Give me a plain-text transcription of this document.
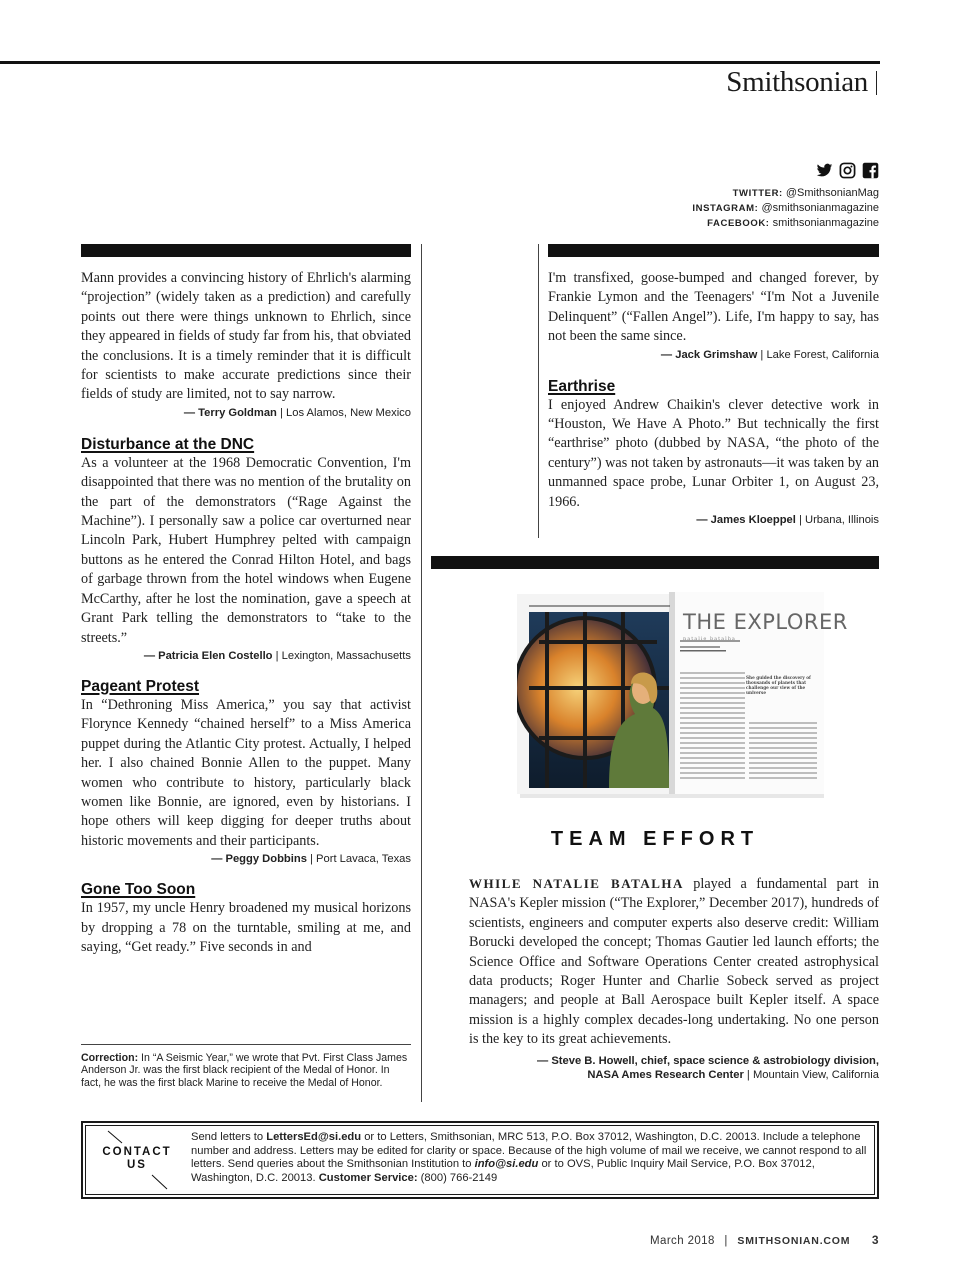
Smithsonian
TWITTER: @SmithsonianMag
INSTAGRAM: @smithsonianmagazine
FACEBOOK: smithsonianmagazine

Mann provides a convincing history of Ehrlich's alarming “projection” (widely taken as a prediction) and carefully points out there were things unknown to Ehrlich, since they appeared in fields of study far from his, that obviated the conclusions. It is a timely reminder that it is difficult for scientists to make accurate predictions since their fields of study are limited, not to say narrow.

— Terry Goldman | Los Alamos, New Mexico

Disturbance at the DNC

As a volunteer at the 1968 Democratic Convention, I'm disappointed that there was no mention of the brutality on the part of the demonstrators (“Rage Against the Machine”). I personally saw a police car overturned near Lincoln Park, Hubert Humphrey pelted with campaign buttons as he entered the Conrad Hilton Hotel, and bags of garbage thrown from the hotel windows when Eugene McCarthy, after he lost the nomination, gave a speech at Grant Park telling the demonstrators to “take to the streets.”

— Patricia Elen Costello | Lexington, Massachusetts

Pageant Protest

In “Dethroning Miss America,” you say that activist Florynce Kennedy “chained herself” to a Miss America puppet during the Atlantic City protest. Actually, I helped her. I also chained Bonnie Allen to the puppet. Many women who contribute to history, particularly black women like Bonnie, are ignored, even by historians. I hope others will keep digging for deeper truths about historic movements and their participants.

— Peggy Dobbins | Port Lavaca, Texas

Gone Too Soon

In 1957, my uncle Henry broadened my musical horizons by dropping a 78 on the turntable, smiling at me, and saying, “Get ready.” Five seconds in and

Correction: In “A Seismic Year,” we wrote that Pvt. First Class James Anderson Jr. was the first black recipient of the Medal of Honor. In fact, he was the first black Marine to receive the Medal of Honor.

I'm transfixed, goose-bumped and changed forever, by Frankie Lymon and the Teenagers' “I'm Not a Juvenile Delinquent” (“Fallen Angel”). Life, I'm happy to say, has not been the same since.

— Jack Grimshaw | Lake Forest, California

Earthrise

I enjoyed Andrew Chaikin's clever detective work in “Houston, We Have A Photo.” But technically the first “earthrise” photo (dubbed by NASA, “the photo of the century”) was not taken by astronauts—it was taken by an unmanned space probe, Lunar Orbiter 1, on August 23, 1966.

— James Kloeppel | Urbana, Illinois

THE EXPLORER
natalie batalha
She guided the discovery of thousands of planets that challenge our view of the universe
TEAM EFFORT

WHILE NATALIE BATALHA played a fundamental part in NASA's Kepler mission (“The Explorer,” December 2017), hundreds of scientists, engineers and computer experts also deserve credit: William Borucki developed the concept; Thomas Gautier led launch efforts; the Science Office and Software Operations Center created astrophysical data products; Roger Hunter and Charlie Sobeck served as project managers; and people at Ball Aerospace built Kepler itself. A space mission is a highly complex decades-long undertaking. No one person is the key to its great achievements.

— Steve B. Howell, chief, space science & astrobiology division,
NASA Ames Research Center | Mountain View, California

CONTACT
US
Send letters to LettersEd@si.edu or to Letters, Smithsonian, MRC 513, P.O. Box 37012, Washington, D.C. 20013. Include a telephone number and address. Letters may be edited for clarity or space. Because of the high volume of mail we receive, we cannot respond to all letters. Send queries about the Smithsonian Institution to info@si.edu or to OVS, Public Inquiry Mail Service, P.O. Box 37012, Washington, D.C. 20013. Customer Service: (800) 766-2149
March 2018 | SMITHSONIAN.COM 3
